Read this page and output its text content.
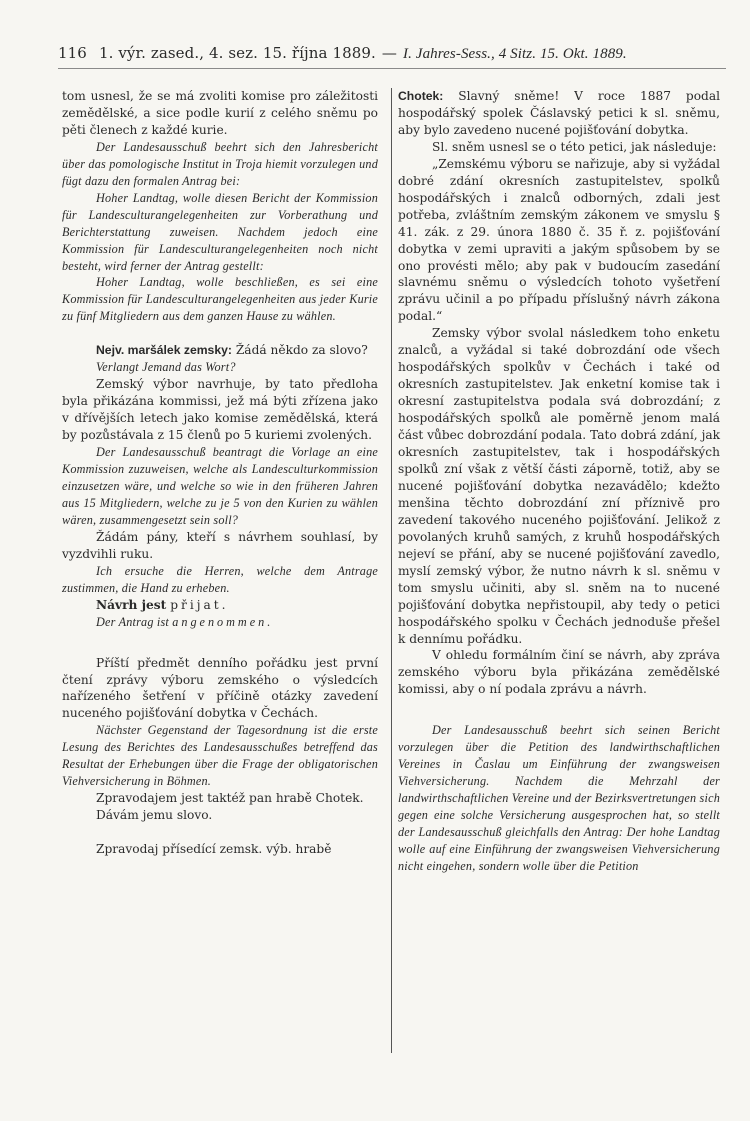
116 1. výr. zased., 4. sez. 15. října 1889. — I. Jahres-Sess., 4 Sitz. 15. Okt. 1889.

tom usnesl, že se má zvoliti komise pro záležitosti zemědělské, a sice podle kurií z celého sněmu po pěti členech z každé kurie.

Der Landesausschuß beehrt sich den Jahresbericht über das pomologische Institut in Troja hiemit vorzulegen und fügt dazu den formalen Antrag bei:

Hoher Landtag, wolle diesen Bericht der Kommission für Landesculturangelegenheiten zur Vorberathung und Berichterstattung zuweisen. Nachdem jedoch eine Kommission für Landesculturangelegenheiten noch nicht besteht, wird ferner der Antrag gestellt:

Hoher Landtag, wolle beschließen, es sei eine Kommission für Landesculturangelegenheiten aus jeder Kurie zu fünf Mitgliedern aus dem ganzen Hause zu wählen.

Nejv. maršálek zemsky: Žádá někdo za slovo?

Verlangt Jemand das Wort?

Zemský výbor navrhuje, by tato předloha byla přikázána kommissi, jež má býti zřízena jako v dřívějších letech jako komise zemědělská, která by pozůstávala z 15 členů po 5 kuriemi zvolených.

Der Landesausschuß beantragt die Vorlage an eine Kommission zuzuweisen, welche als Landesculturkommission einzusetzen wäre, und welche so wie in den früheren Jahren aus 15 Mitgliedern, welche zu je 5 von den Kurien zu wählen wären, zusammengesetzt sein soll?

Žádám pány, kteří s návrhem souhlasí, by vyzdvihli ruku.

Ich ersuche die Herren, welche dem Antrage zustimmen, die Hand zu erheben.

Návrh jest přijat.

Der Antrag ist angenommen.

Příští předmět denního pořádku jest první čtení zprávy výboru zemského o výsledcích nařízeného šetření v příčině otázky zavedení nuceného pojišťování dobytka v Čechách.

Nächster Gegenstand der Tagesordnung ist die erste Lesung des Berichtes des Landesausschußes betreffend das Resultat der Erhebungen über die Frage der obligatorischen Viehversicherung in Böhmen.

Zpravodajem jest taktéž pan hrabě Chotek.

Dávám jemu slovo.

Zpravodaj přísedící zemsk. výb. hrabě

Chotek: Slavný sněme! V roce 1887 podal hospodářský spolek Čáslavský petici k sl. sněmu, aby bylo zavedeno nucené pojišťování dobytka.

Sl. sněm usnesl se o této petici, jak následuje:

„Zemskému výboru se nařizuje, aby si vyžádal dobré zdání okresních zastupitelstev, spolků hospodářských i znalců odborných, zdali jest potřeba, zvláštním zemským zákonem ve smyslu § 41. zák. z 29. února 1880 č. 35 ř. z. pojišťování dobytka v zemi upraviti a jakým spůsobem by se ono provésti mělo; aby pak v budoucím zasedání slavnému sněmu o výsledcích tohoto vyšetření zprávu učinil a po případu příslušný návrh zákona podal.“

Zemsky výbor svolal následkem toho enketu znalců, a vyžádal si také dobrozdání ode všech hospodářských spolkův v Čechách i také od okresních zastupitelstev. Jak enketní komise tak i okresní zastupitelstva podala svá dobrozdání; z hospodářských spolků ale poměrně jenom malá část vůbec dobrozdání podala. Tato dobrá zdání, jak okresních zastupitelstev, tak i hospodářských spolků zní však z větší části záporně, totiž, aby se nucené pojišťování dobytka nezavádělo; kdežto menšina těchto dobrozdání zní příznivě pro zavedení takového nuceného pojišťování. Jelikož z povolaných kruhů samých, z kruhů hospodářských nejeví se přání, aby se nucené pojišťování zavedlo, myslí zemský výbor, že nutno návrh k sl. sněmu v tom smyslu učiniti, aby sl. sněm na to nucené pojišťování dobytka nepřistoupil, aby tedy o petici hospodářského spolku v Čechách jednoduše přešel k dennímu pořádku.

V ohledu formálním činí se návrh, aby zpráva zemského výboru byla přikázána zemědělské komissi, aby o ní podala zprávu a návrh.

Der Landesausschuß beehrt sich seinen Bericht vorzulegen über die Petition des landwirthschaftlichen Vereines in Časlau um Einführung der zwangsweisen Viehversicherung. Nachdem die Mehrzahl der landwirthschaftlichen Vereine und der Bezirksvertretungen sich gegen eine solche Versicherung ausgesprochen hat, so stellt der Landesausschuß gleichfalls den Antrag: Der hohe Landtag wolle auf eine Einführung der zwangsweisen Viehversicherung nicht eingehen, sondern wolle über die Petition
